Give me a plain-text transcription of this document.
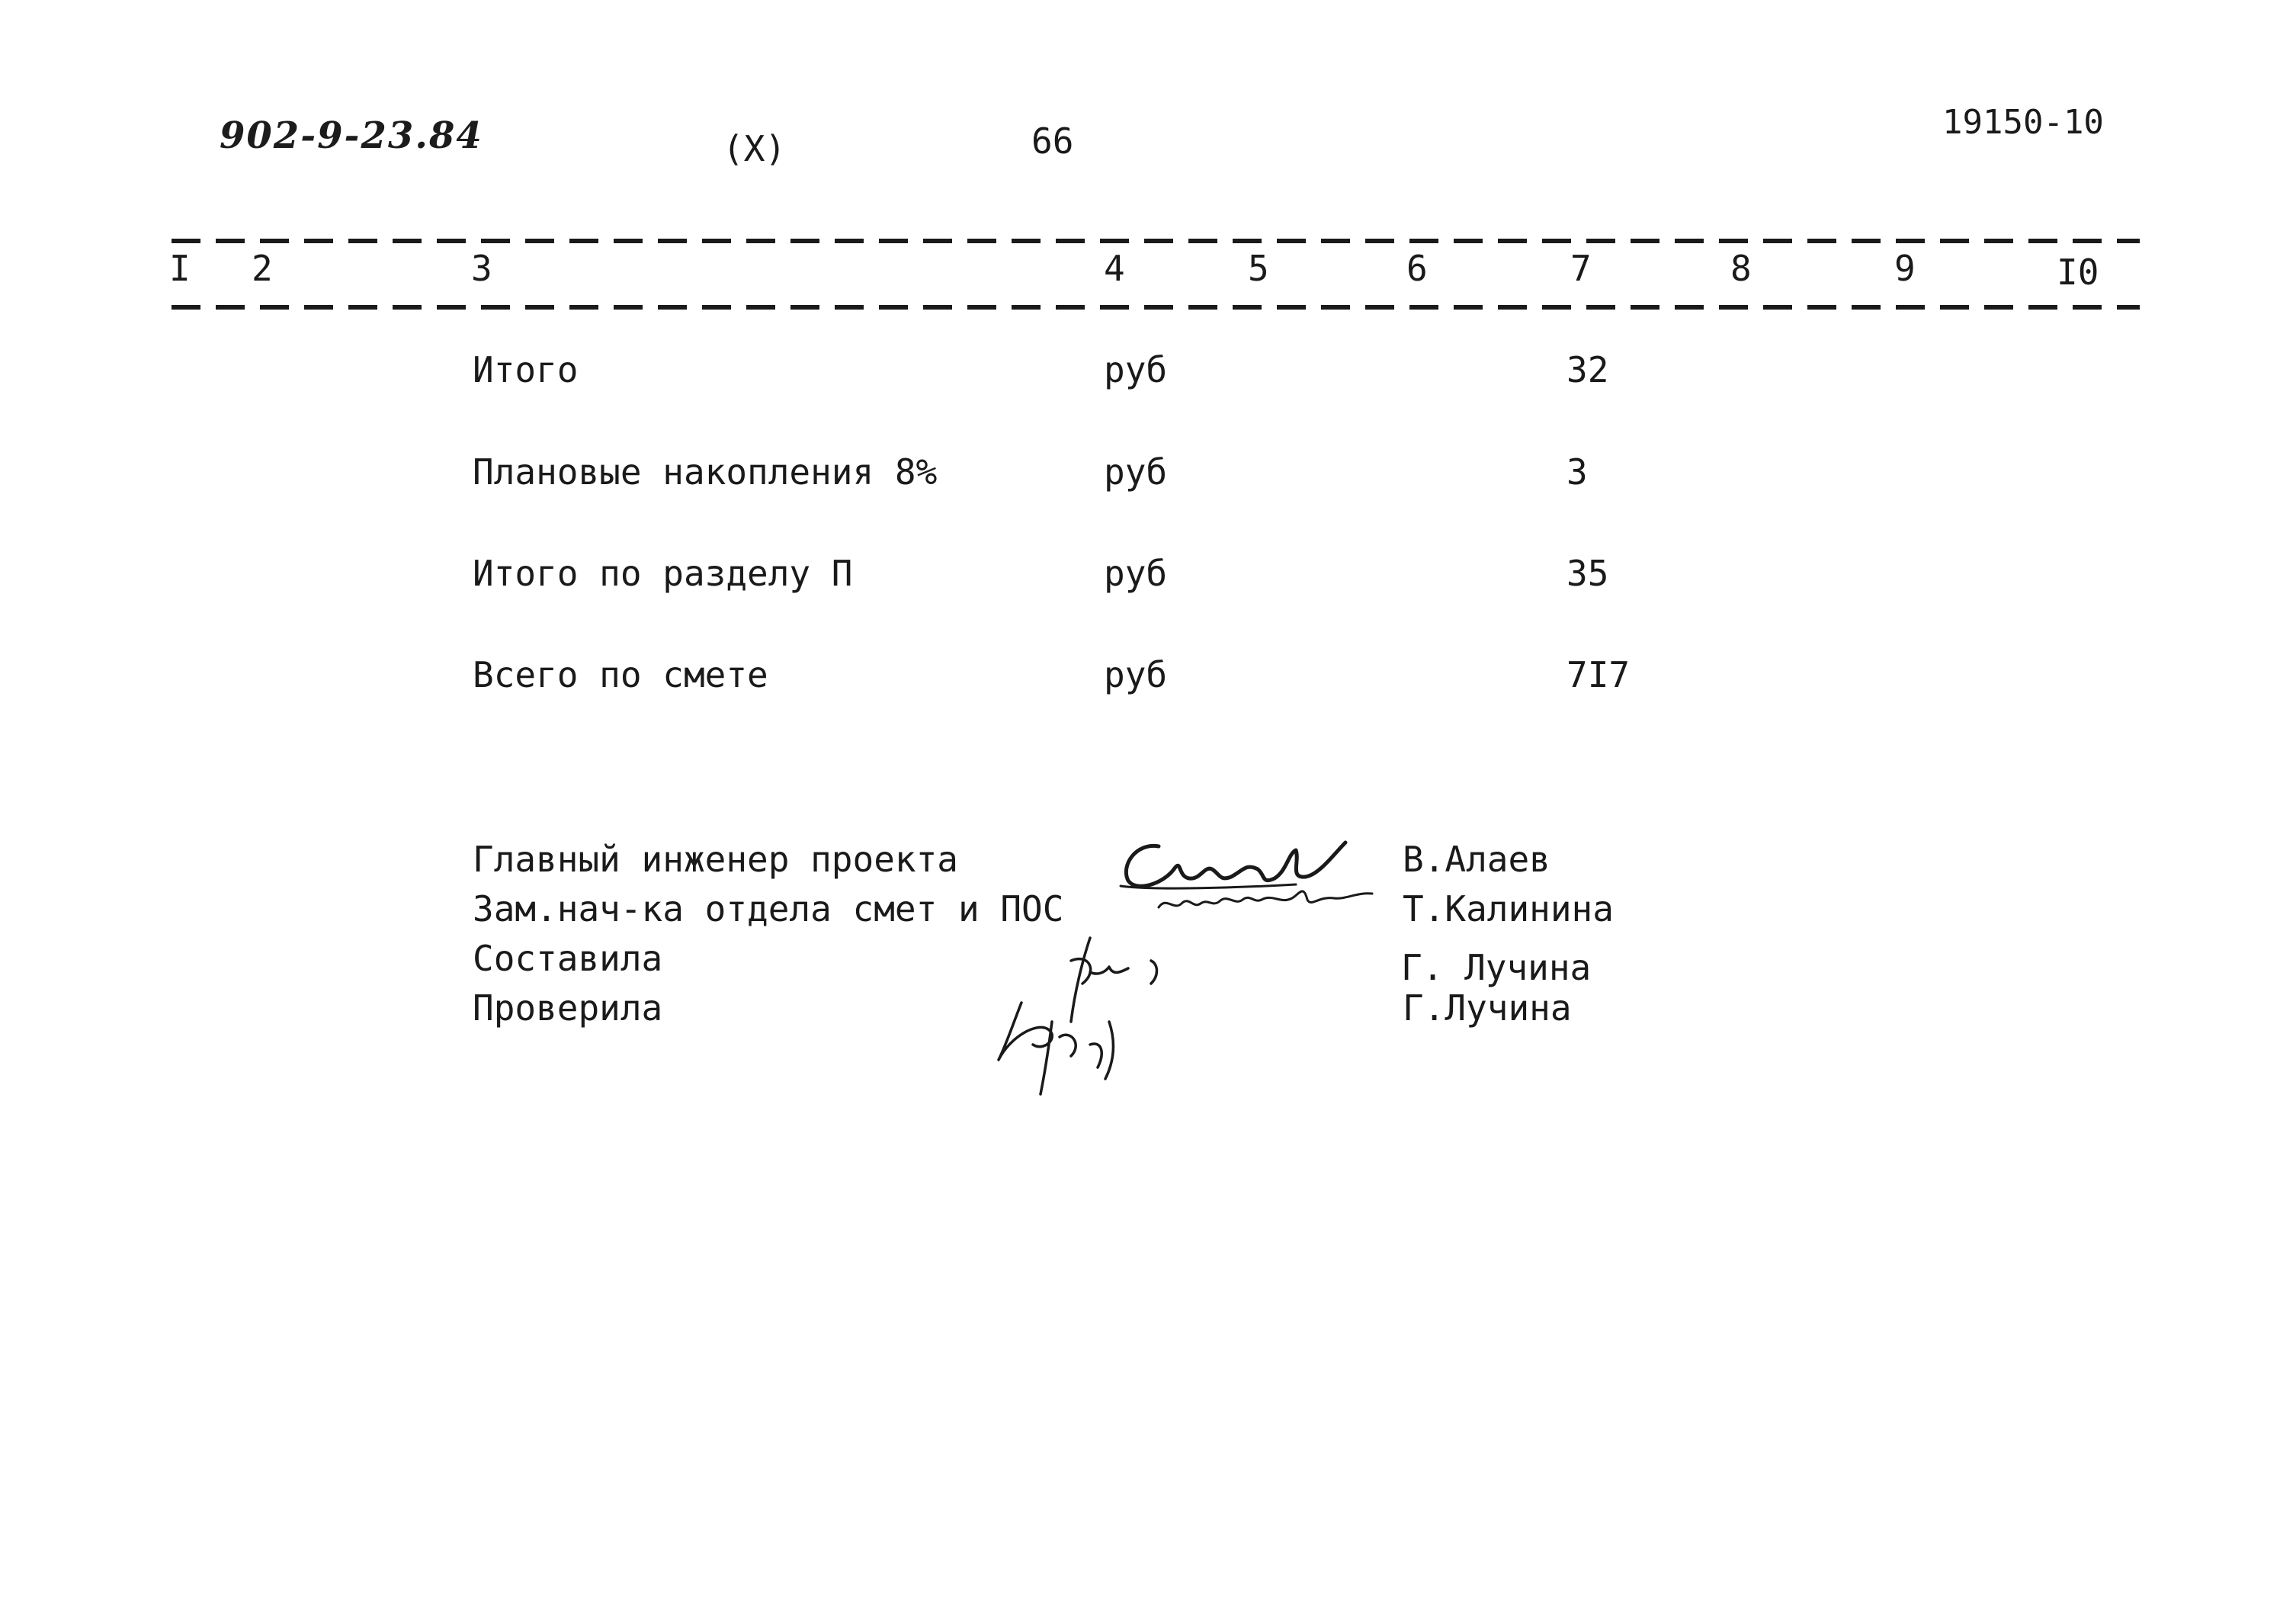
902-9-23.84	(X)	66	19150-10
I 2	3	4	5	6	7	8	9	I0
Итого	руб	32
Плановые накопления 8%	руб	3
Итого по разделу П	руб	35
Всего по смете	руб	7I7
Главный инженер проекта	В.Алаев
Зам.нач-ка отдела смет и ПОС	Т.Калинина
Составила	Г. Лучина
Проверила	Г.Лучина
